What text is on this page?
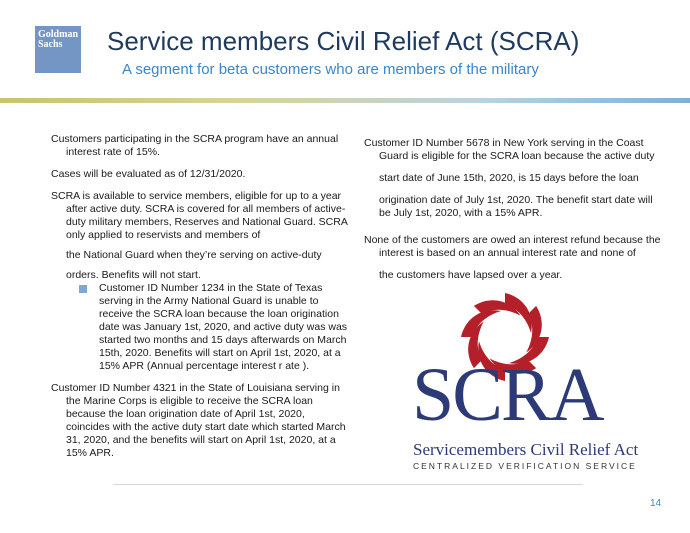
Goldman
Sachs	Service members Civil Relief Act (SCRA)
A segment for beta customers who are members of the military

Customers participating in the SCRA program have an annual interest rate of 15%.

Cases will be evaluated as of 12/31/2020.

SCRA is available to service members, eligible for up to a year after active duty. SCRA is covered for all members of active-duty military members, Reserves and National Guard. SCRA only applied to reservists and members of

the National Guard when they’re serving on active-duty

orders. Benefits will not start.

Customer ID Number 1234 in the State of Texas serving in the Army National Guard is unable to receive the SCRA loan because the loan origination date was January 1st, 2020, and active duty was was started two months and 15 days afterwards on March 15th, 2020. Benefits will start on April 1st, 2020, at a 15% APR (Annual percentage interest r ate ).

Customer ID Number 4321 in the State of Louisiana serving in the Marine Corps is eligible to receive the SCRA loan because the loan origination date of April 1st, 2020, coincides with the active duty start date which started March 31, 2020, and the benefits will start on April 1st, 2020, at a 15% APR.

Customer ID Number 5678 in New York serving in the Coast Guard is eligible for the SCRA loan because the active duty

start date of June 15th, 2020, is 15 days before the loan

origination date of July 1st, 2020. The benefit start date will be July 1st, 2020, with a 15% APR.

None of the customers are owed an interest refund because the interest is based on an annual interest rate and none of

the customers have lapsed over a year.

SCRA
Servicemembers Civil Relief Act
CENTRALIZED VERIFICATION SERVICE
14
